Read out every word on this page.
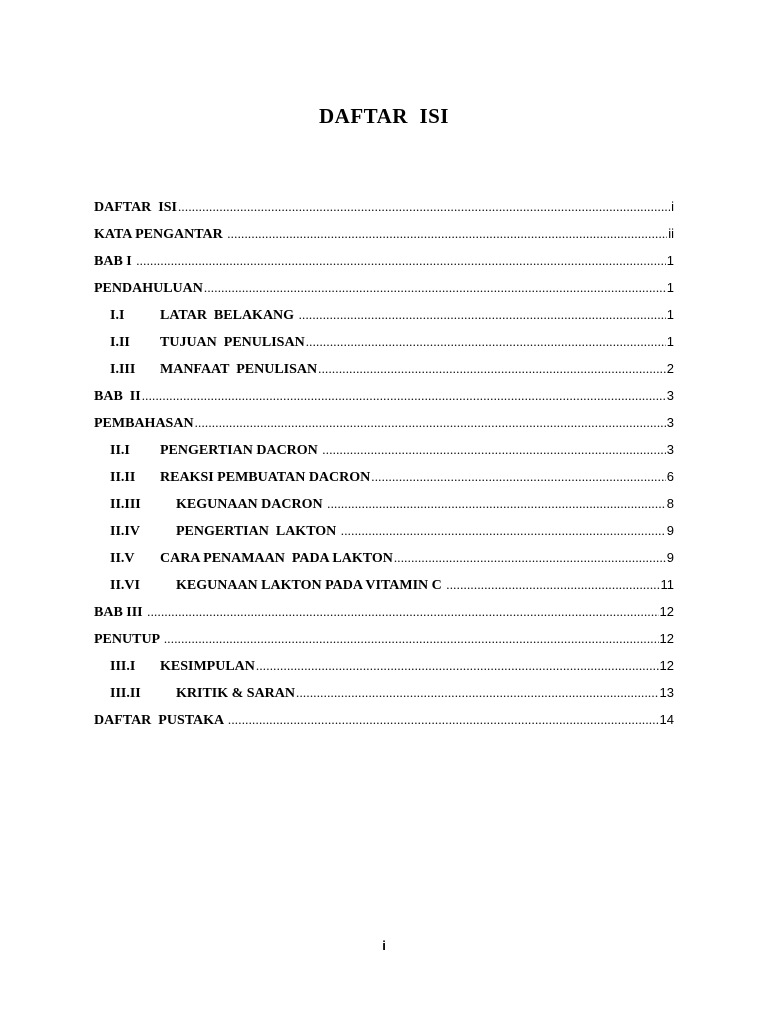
DAFTAR  ISI
DAFTAR  ISI .....	i
KATA PENGANTAR .....	ii
BAB I .....	1
PENDAHULUAN .....	1
I.I	LATAR  BELAKANG .....	1
I.II	TUJUAN  PENULISAN .....	1
I.III	MANFAAT  PENULISAN .....	2
BAB  II .....	3
PEMBAHASAN .....	3
II.I	PENGERTIAN DACRON .....	3
II.II	REAKSI PEMBUATAN DACRON .....	6
II.III	KEGUNAAN DACRON .....	8
II.IV	PENGERTIAN  LAKTON .....	9
II.V	CARA PENAMAAN  PADA LAKTON .....	9
II.VI	KEGUNAAN LAKTON PADA VITAMIN C .....	11
BAB III .....	12
PENUTUP .....	12
III.I	KESIMPULAN .....	12
III.II	KRITIK & SARAN .....	13
DAFTAR  PUSTAKA .....	14
i
